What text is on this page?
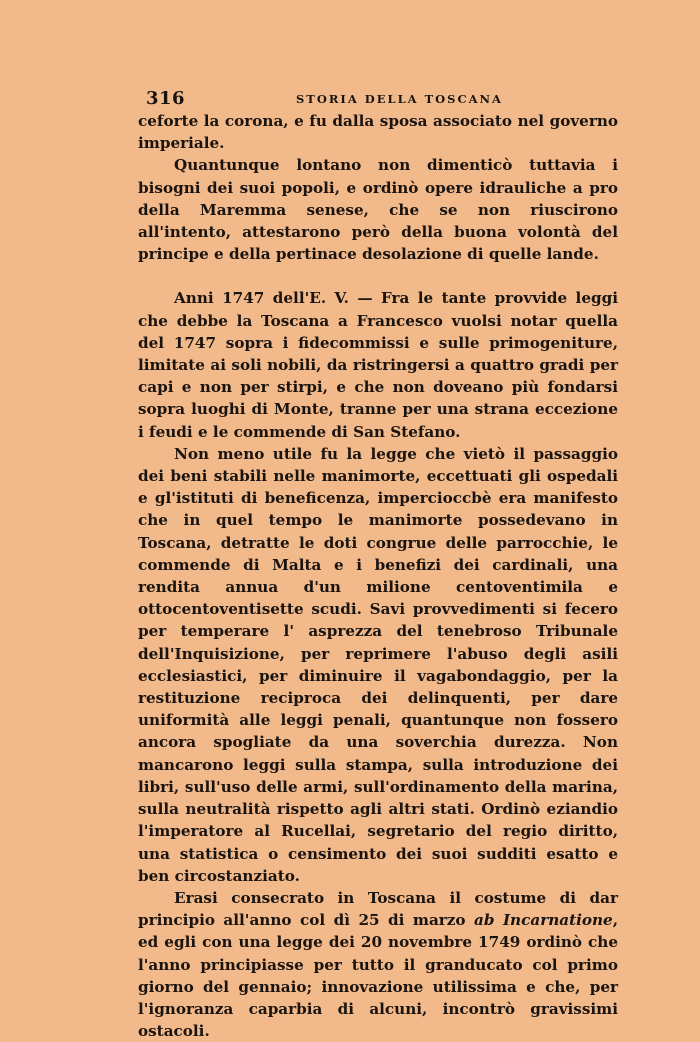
316	STORIA DELLA TOSCANA

ceforte la corona, e fu dalla sposa associato nel governo imperiale.

Quantunque lontano non dimenticò tuttavia i bisogni dei suoi popoli, e ordinò opere idrauliche a pro della Maremma senese, che se non riuscirono all'intento, attestarono però della buona volontà del principe e della pertinace desolazione di quelle lande.

Anni 1747 dell'E. V. — Fra le tante provvide leggi che debbe la Toscana a Francesco vuolsi notar quella del 1747 sopra i fidecommissi e sulle primogeniture, limitate ai soli nobili, da ristringersi a quattro gradi per capi e non per stirpi, e che non doveano più fondarsi sopra luoghi di Monte, tranne per una strana eccezione i feudi e le commende di San Stefano.

Non meno utile fu la legge che vietò il passaggio dei beni stabili nelle manimorte, eccettuati gli ospedali e gl'istituti di beneficenza, impercioccbè era manifesto che in quel tempo le manimorte possedevano in Toscana, detratte le doti congrue delle parrocchie, le commende di Malta e i benefizi dei cardinali, una rendita annua d'un milione centoventimila e ottocentoventisette scudi. Savi provvedimenti si fecero per temperare l' asprezza del tenebroso Tribunale dell'Inquisizione, per reprimere l'abuso degli asili ecclesiastici, per diminuire il vagabondaggio, per la restituzione reciproca dei delinquenti, per dare uniformità alle leggi penali, quantunque non fossero ancora spogliate da una soverchia durezza. Non mancarono leggi sulla stampa, sulla introduzione dei libri, sull'uso delle armi, sull'ordinamento della marina, sulla neutralità rispetto agli altri stati. Ordinò eziandio l'imperatore al Rucellai, segretario del regio diritto, una statistica o censimento dei suoi sudditi esatto e ben circostanziato.

Erasi consecrato in Toscana il costume di dar principio all'anno col dì 25 di marzo ab Incarnatione, ed egli con una legge dei 20 novembre 1749 ordinò che l'anno principiasse per tutto il granducato col primo giorno del gennaio; innovazione utilissima e che, per l'ignoranza caparbia di alcuni, incontrò gravissimi ostacoli.
